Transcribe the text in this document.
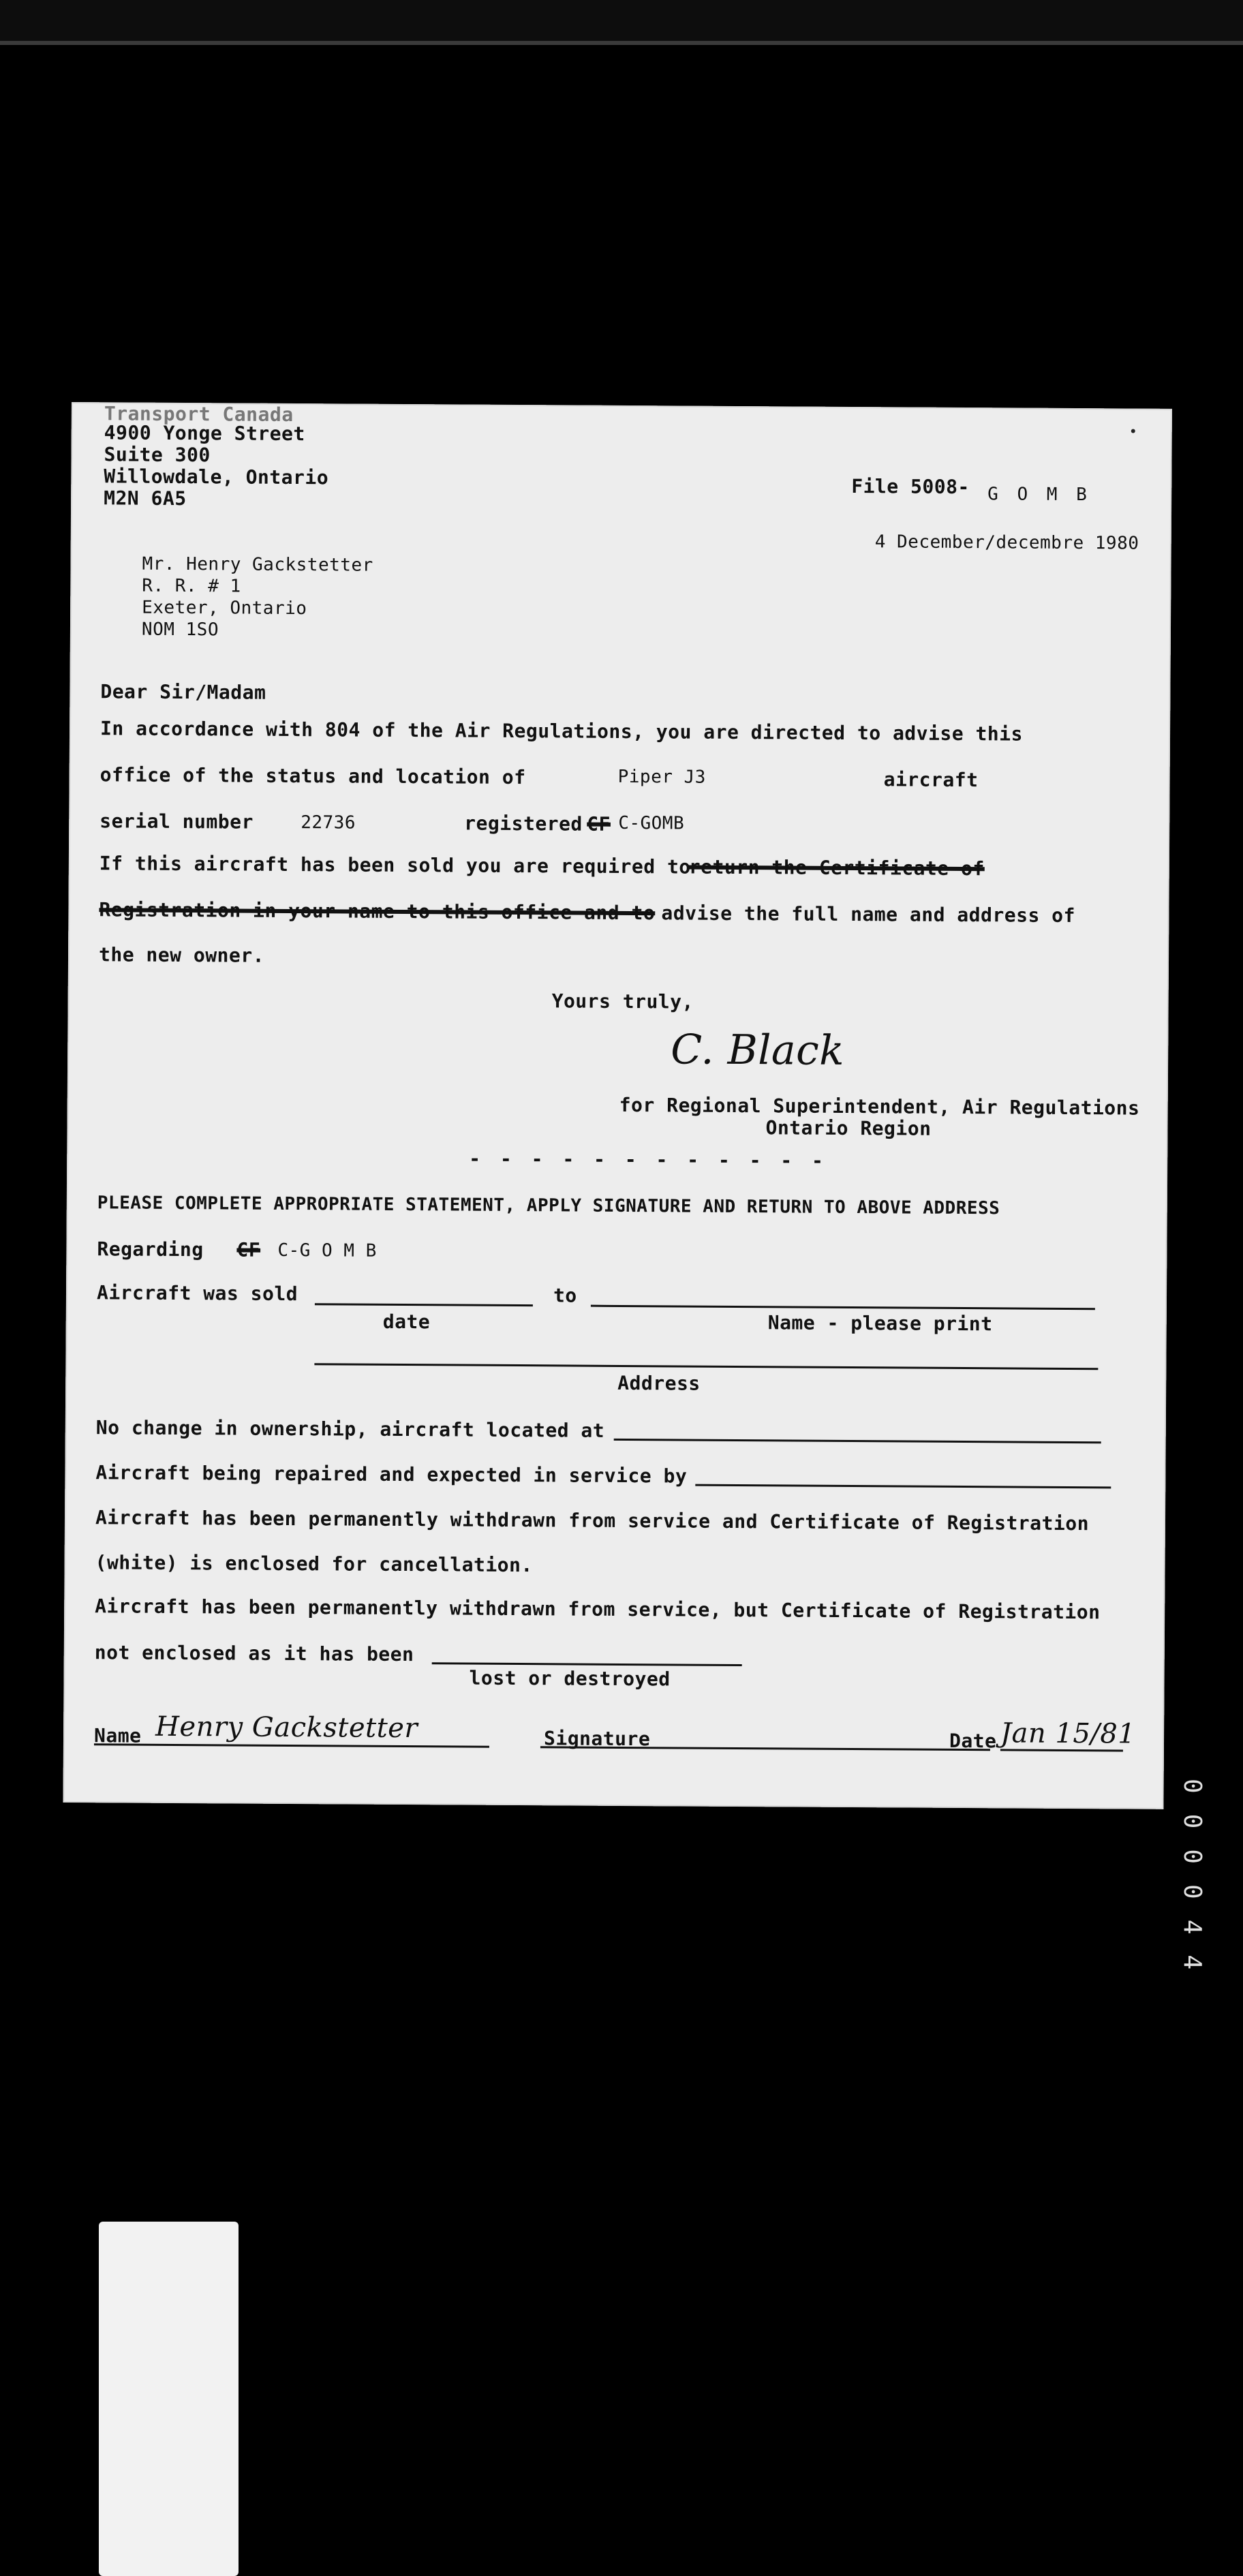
Transport Canada
4900 Yonge Street
Suite 300
Willowdale, Ontario
M2N 6A5
File 5008- G O M B
4 December/decembre 1980
Mr. Henry Gackstetter
R. R. # 1
Exeter, Ontario
NOM 1SO
Dear Sir/Madam
In accordance with 804 of the Air Regulations, you are directed to advise this
office of the status and location of	Piper J3	aircraft
serial number	22736	registered CF C-GOMB
If this aircraft has been sold you are required to
return the Certificate of
Registration in your name to this office and to advise the full name and address of
the new owner.
Yours truly,
C. Black
for Regional Superintendent, Air Regulations
Ontario Region
- - - - - - - - - - - -
PLEASE COMPLETE APPROPRIATE STATEMENT, APPLY SIGNATURE AND RETURN TO ABOVE ADDRESS
Regarding CF C-G O M B
Aircraft was sold	to
date	Name - please print
Address
No change in ownership, aircraft located at
Aircraft being repaired and expected in service by
Aircraft has been permanently withdrawn from service and Certificate of Registration
(white) is enclosed for cancellation.
Aircraft has been permanently withdrawn from service, but Certificate of Registration
not enclosed as it has been
lost or destroyed
Name Henry Gackstetter	Signature	Date Jan 15/81
000044
